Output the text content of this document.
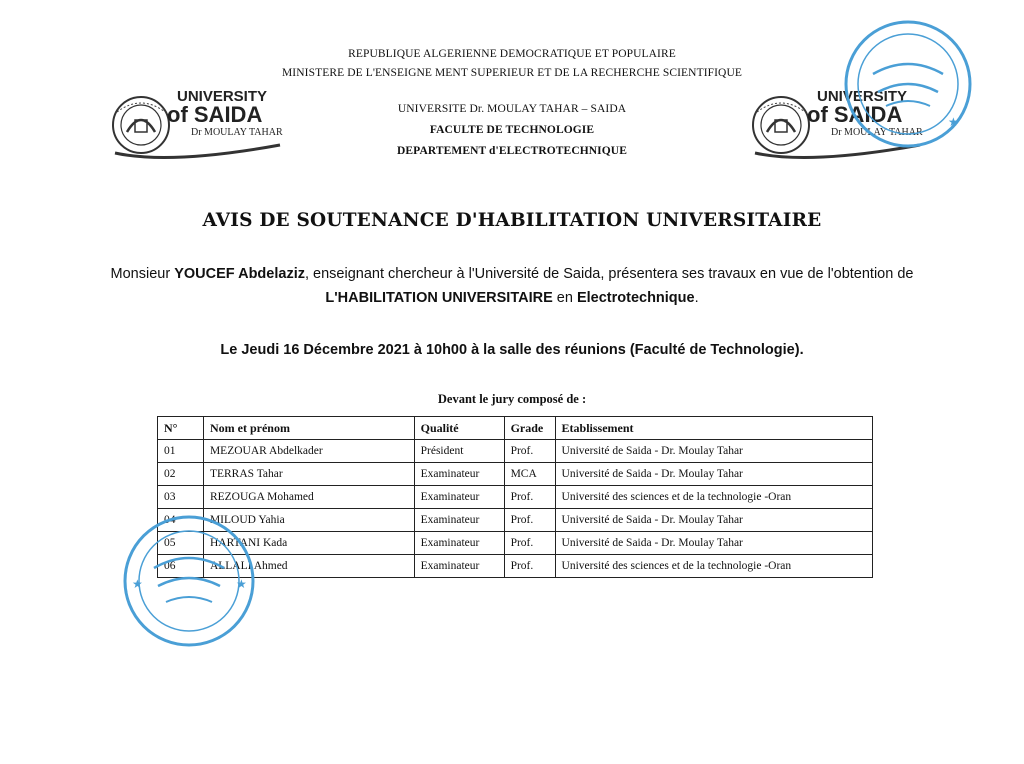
REPUBLIQUE ALGERIENNE DEMOCRATIQUE ET POPULAIRE
MINISTERE DE L'ENSEIGNE MENT SUPERIEUR ET DE LA RECHERCHE SCIENTIFIQUE
UNIVERSITE Dr. MOULAY TAHAR – SAIDA
FACULTE DE TECHNOLOGIE
DEPARTEMENT d'ELECTROTECHNIQUE
UNIVERSITY
of SAIDA
Dr MOULAY TAHAR
UNIVERSITY
of SAIDA
Dr MOULAY TAHAR
★
AVIS DE SOUTENANCE D'HABILITATION UNIVERSITAIRE
Monsieur YOUCEF Abdelaziz, enseignant chercheur à l'Université de Saida, présentera ses travaux en vue de l'obtention de
L'HABILITATION UNIVERSITAIRE en Electrotechnique.
Le Jeudi 16 Décembre 2021 à 10h00 à la salle des réunions (Faculté de Technologie).
Devant le jury composé de :
N°	Nom et prénom	Qualité	Grade	Etablissement
01	MEZOUAR Abdelkader	Président	Prof.	Université de Saida - Dr. Moulay Tahar
02	TERRAS Tahar	Examinateur	MCA	Université de Saida - Dr. Moulay Tahar
03	REZOUGA Mohamed	Examinateur	Prof.	Université des sciences et de la technologie -Oran
04	MILOUD Yahia	Examinateur	Prof.	Université de Saida - Dr. Moulay Tahar
05	HARTANI Kada	Examinateur	Prof.	Université de Saida - Dr. Moulay Tahar
06	ALLALI Ahmed	Examinateur	Prof.	Université des sciences et de la technologie -Oran
★	★
